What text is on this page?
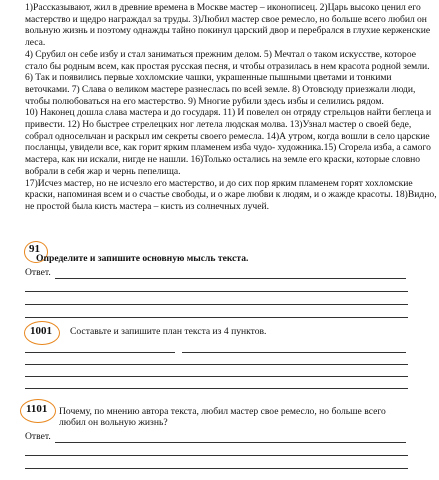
1)Рассказывают, жил в древние времена в Москве мастер – иконописец. 2)Царь высоко ценил его мастерство и щедро награждал за труды. 3)Любил мастер свое ремесло, но больше всего любил он вольную жизнь и поэтому однажды тайно покинул царский двор и перебрался в глухие керженские леса.

4) Срубил он себе избу и стал заниматься прежним делом. 5) Мечтал о таком искусстве, которое стало бы родным всем, как простая русская песня, и чтобы отразилась в нем красота родной земли. 6) Так и появились первые хохломские чашки, украшенные пышными цветами и тонкими веточками. 7) Слава о великом мастере разнеслась по всей земле. 8) Отовсюду приезжали люди, чтобы полюбоваться на его мастерство. 9) Многие рубили здесь избы и селились рядом.

10) Наконец дошла слава мастера и до государя. 11) И повелел он отряду стрельцов найти беглеца и привести. 12) Но быстрее стрелецких ног летела людская молва. 13)Узнал мастер о своей беде, собрал односельчан и раскрыл им секреты своего ремесла. 14)А утром, когда вошли в село царские посланцы, увидели все, как горит ярким пламенем изба чудо- художника.15) Сгорела изба, а самого мастера, как ни искали, нигде не нашли. 16)Только остались на земле его краски, которые словно вобрали в себя жар и чернь пепелища.

17)Исчез мастер, но не исчезло его мастерство, и до сих пор ярким пламенем горят хохломские краски, напоминая всем и о счастье свободы, и о жаре любви к людям, и о жажде красоты. 18)Видно, не простой была кисть мастера – кисть из солнечных лучей.

91
Определите и запишите основную мысль текста.
Ответ.
1001 Составьте и запишите план текста из 4 пунктов.
1101 Почему, по мнению автора текста, любил мастер свое ремесло, но больше всего
любил он вольную жизнь?
Ответ.
